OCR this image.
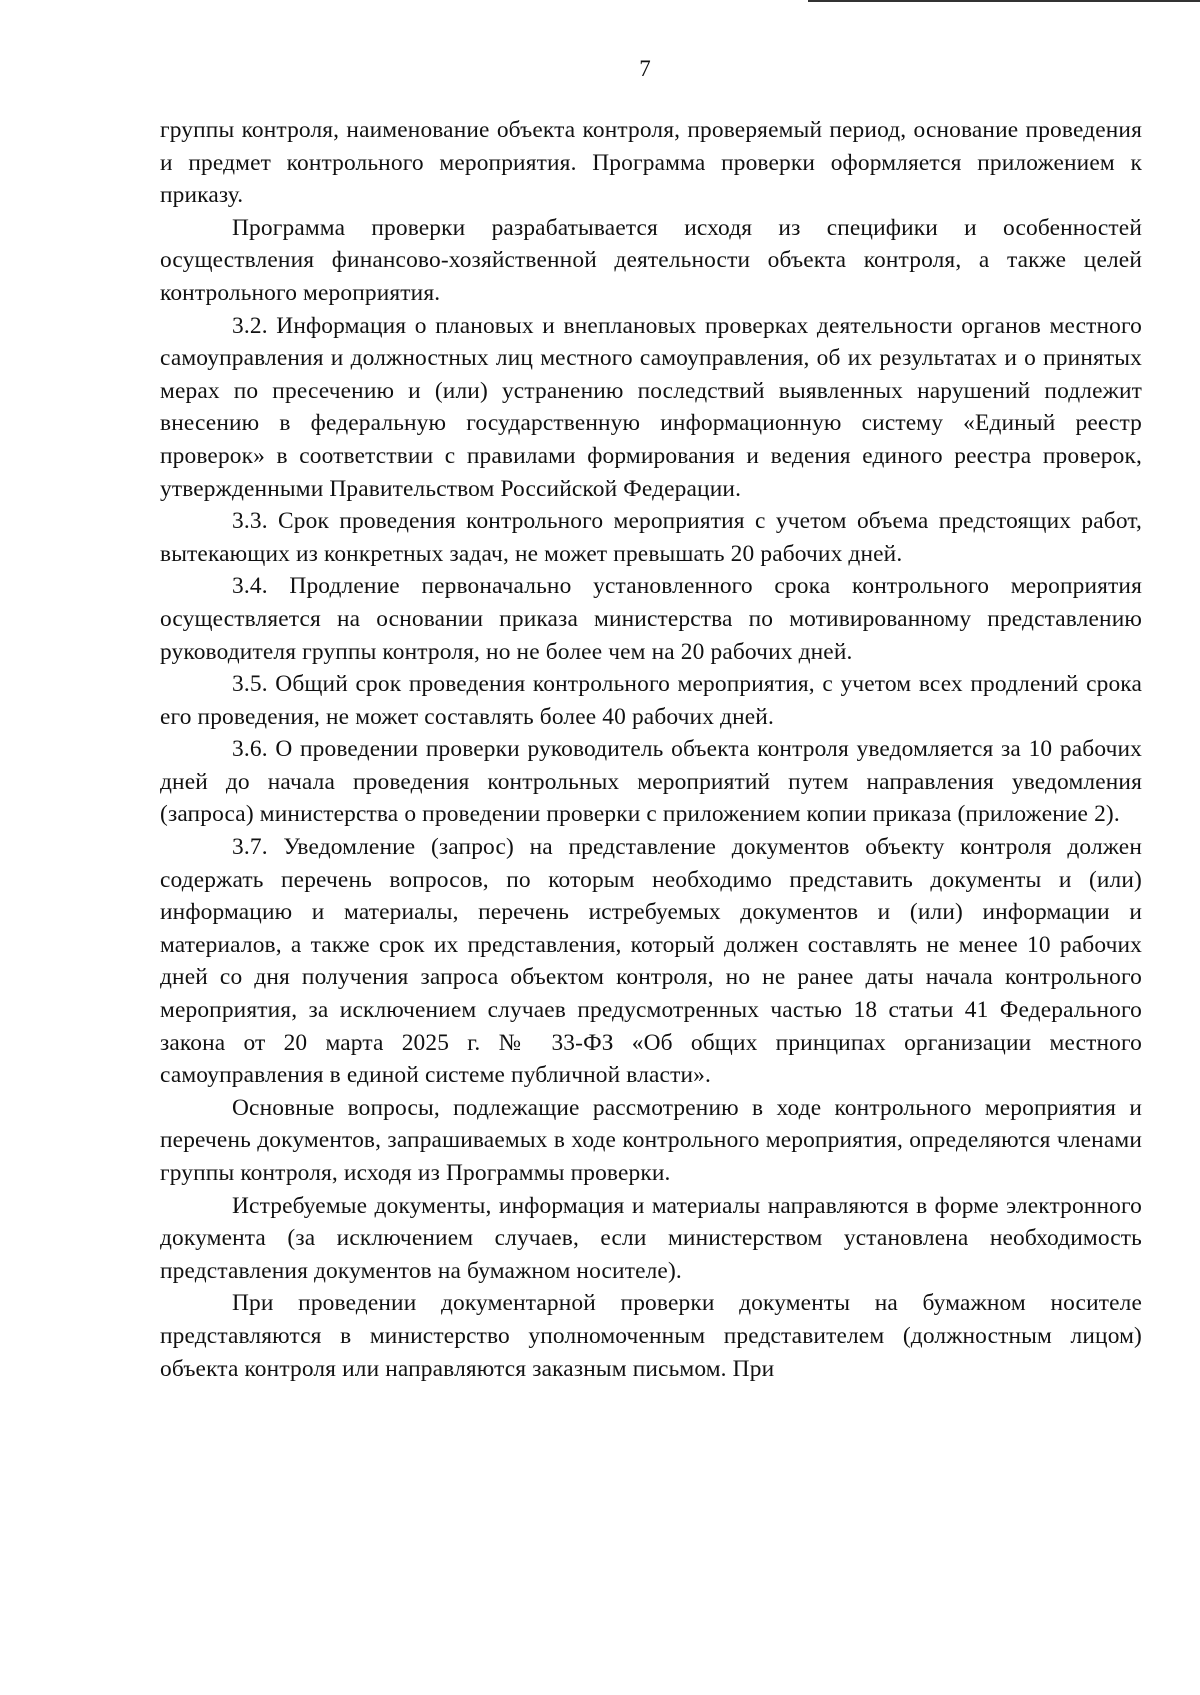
7

группы контроля, наименование объекта контроля, проверяемый период, основание проведения и предмет контрольного мероприятия. Программа проверки оформляется приложением к приказу.

Программа проверки разрабатывается исходя из специфики и особенностей осуществления финансово-хозяйственной деятельности объекта контроля, а также целей контрольного мероприятия.

3.2. Информация о плановых и внеплановых проверках деятельности органов местного самоуправления и должностных лиц местного самоуправления, об их результатах и о принятых мерах по пресечению и (или) устранению последствий выявленных нарушений подлежит внесению в федеральную государственную информационную систему «Единый реестр проверок» в соответствии с правилами формирования и ведения единого реестра проверок, утвержденными Правительством Российской Федерации.

3.3. Срок проведения контрольного мероприятия с учетом объема предстоящих работ, вытекающих из конкретных задач, не может превышать 20 рабочих дней.

3.4. Продление первоначально установленного срока контрольного мероприятия осуществляется на основании приказа министерства по мотивированному представлению руководителя группы контроля, но не более чем на 20 рабочих дней.

3.5. Общий срок проведения контрольного мероприятия, с учетом всех продлений срока его проведения, не может составлять более 40 рабочих дней.

3.6. О проведении проверки руководитель объекта контроля уведомляется за 10 рабочих дней до начала проведения контрольных мероприятий путем направления уведомления (запроса) министерства о проведении проверки с приложением копии приказа (приложение 2).

3.7. Уведомление (запрос) на представление документов объекту контроля должен содержать перечень вопросов, по которым необходимо представить документы и (или) информацию и материалы, перечень истребуемых документов и (или) информации и материалов, а также срок их представления, который должен составлять не менее 10 рабочих дней со дня получения запроса объектом контроля, но не ранее даты начала контрольного мероприятия, за исключением случаев предусмотренных частью 18 статьи 41 Федерального закона от 20 марта 2025 г. № 33-ФЗ «Об общих принципах организации местного самоуправления в единой системе публичной власти».

Основные вопросы, подлежащие рассмотрению в ходе контрольного мероприятия и перечень документов, запрашиваемых в ходе контрольного мероприятия, определяются членами группы контроля, исходя из Программы проверки.

Истребуемые документы, информация и материалы направляются в форме электронного документа (за исключением случаев, если министерством установлена необходимость представления документов на бумажном носителе).

При проведении документарной проверки документы на бумажном носителе представляются в министерство уполномоченным представителем (должностным лицом) объекта контроля или направляются заказным письмом. При
